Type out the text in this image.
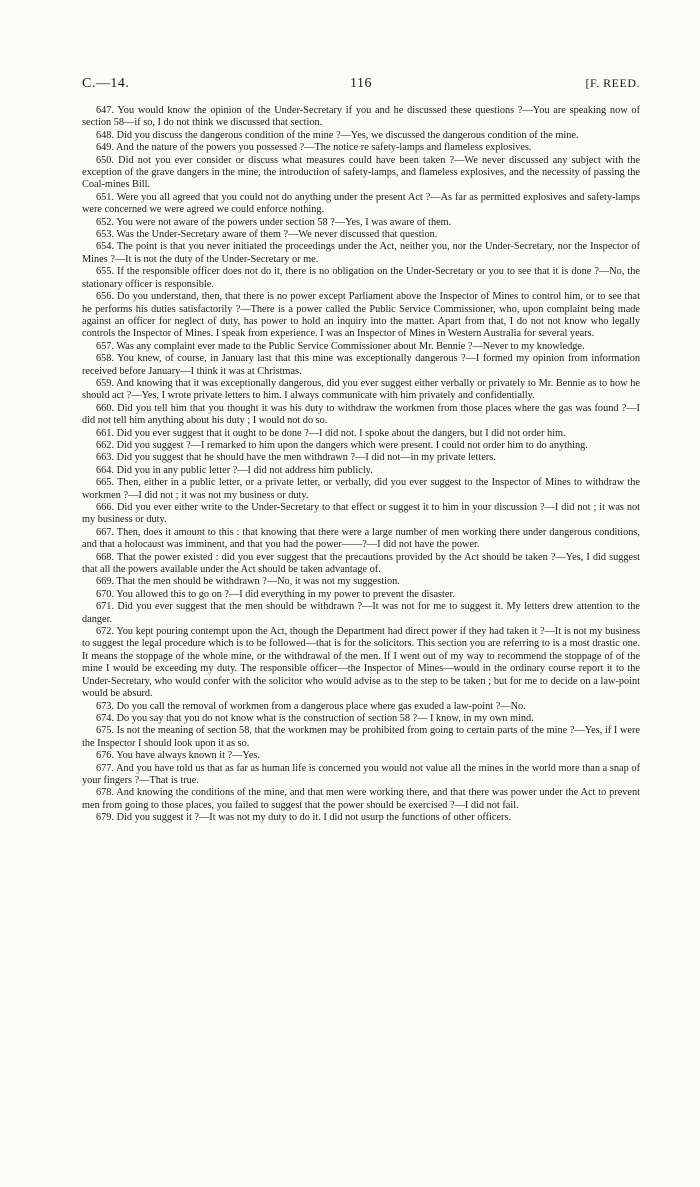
C.—14.	116	[F. REED.

647. You would know the opinion of the Under-Secretary if you and he discussed these questions ?—You are speaking now of section 58—if so, I do not think we discussed that section.

648. Did you discuss the dangerous condition of the mine ?—Yes, we discussed the dangerous condition of the mine.

649. And the nature of the powers you possessed ?—The notice re safety-lamps and flameless explosives.

650. Did not you ever consider or discuss what measures could have been taken ?—We never discussed any subject with the exception of the grave dangers in the mine, the introduction of safety-lamps, and flameless explosives, and the necessity of passing the Coal-mines Bill.

651. Were you all agreed that you could not do anything under the present Act ?—As far as permitted explosives and safety-lamps were concerned we were agreed we could enforce nothing.

652. You were not aware of the powers under section 58 ?—Yes, I was aware of them.

653. Was the Under-Secretary aware of them ?—We never discussed that question.

654. The point is that you never initiated the proceedings under the Act, neither you, nor the Under-Secretary, nor the Inspector of Mines ?—It is not the duty of the Under-Secretary or me.

655. If the responsible officer does not do it, there is no obligation on the Under-Secretary or you to see that it is done ?—No, the stationary officer is responsible.

656. Do you understand, then, that there is no power except Parliament above the Inspector of Mines to control him, or to see that he performs his duties satisfactorily ?—There is a power called the Public Service Commissioner, who, upon complaint being made against an officer for neglect of duty, has power to hold an inquiry into the matter. Apart from that, I do not not know who legally controls the Inspector of Mines. I speak from experience. I was an Inspector of Mines in Western Australia for several years.

657. Was any complaint ever made to the Public Service Commissioner about Mr. Bennie ?—Never to my knowledge.

658. You knew, of course, in January last that this mine was exceptionally dangerous ?—I formed my opinion from information received before January—I think it was at Christmas.

659. And knowing that it was exceptionally dangerous, did you ever suggest either verbally or privately to Mr. Bennie as to how he should act ?—Yes, I wrote private letters to him. I always communicate with him privately and confidentially.

660. Did you tell him that you thought it was his duty to withdraw the workmen from those places where the gas was found ?—I did not tell him anything about his duty ; I would not do so.

661. Did you ever suggest that it ought to be done ?—I did not. I spoke about the dangers, but I did not order him.

662. Did you suggest ?—I remarked to him upon the dangers which were present. I could not order him to do anything.

663. Did you suggest that he should have the men withdrawn ?—I did not—in my private letters.

664. Did you in any public letter ?—I did not address him publicly.

665. Then, either in a public letter, or a private letter, or verbally, did you ever suggest to the Inspector of Mines to withdraw the workmen ?—I did not ; it was not my business or duty.

666. Did you ever either write to the Under-Secretary to that effect or suggest it to him in your discussion ?—I did not ; it was not my business or duty.

667. Then, does it amount to this : that knowing that there were a large number of men working there under dangerous conditions, and that a holocaust was imminent, and that you had the power——?—I did not have the power.

668. That the power existed : did you ever suggest that the precautions provided by the Act should be taken ?—Yes, I did suggest that all the powers available under the Act should be taken advantage of.

669. That the men should be withdrawn ?—No, it was not my suggestion.

670. You allowed this to go on ?—I did everything in my power to prevent the disaster.

671. Did you ever suggest that the men should be withdrawn ?—It was not for me to suggest it. My letters drew attention to the danger.

672. You kept pouring contempt upon the Act, though the Department had direct power if they had taken it ?—It is not my business to suggest the legal procedure which is to be followed—that is for the solicitors. This section you are referring to is a most drastic one. It means the stoppage of the whole mine, or the withdrawal of the men. If I went out of my way to recommend the stoppage of of the mine I would be exceeding my duty. The responsible officer—the Inspector of Mines—would in the ordinary course report it to the Under-Secretary, who would confer with the solicitor who would advise as to the step to be taken ; but for me to decide on a law-point would be absurd.

673. Do you call the removal of workmen from a dangerous place where gas exuded a law-point ?—No.

674. Do you say that you do not know what is the construction of section 58 ?— I know, in my own mind.

675. Is not the meaning of section 58, that the workmen may be prohibited from going to certain parts of the mine ?—Yes, if I were the Inspector I should look upon it as so.

676. You have always known it ?—Yes.

677. And you have told us that as far as human life is concerned you would not value all the mines in the world more than a snap of your fingers ?—That is true.

678. And knowing the conditions of the mine, and that men were working there, and that there was power under the Act to prevent men from going to those places, you failed to suggest that the power should be exercised ?—I did not fail.

679. Did you suggest it ?—It was not my duty to do it. I did not usurp the functions of other officers.
